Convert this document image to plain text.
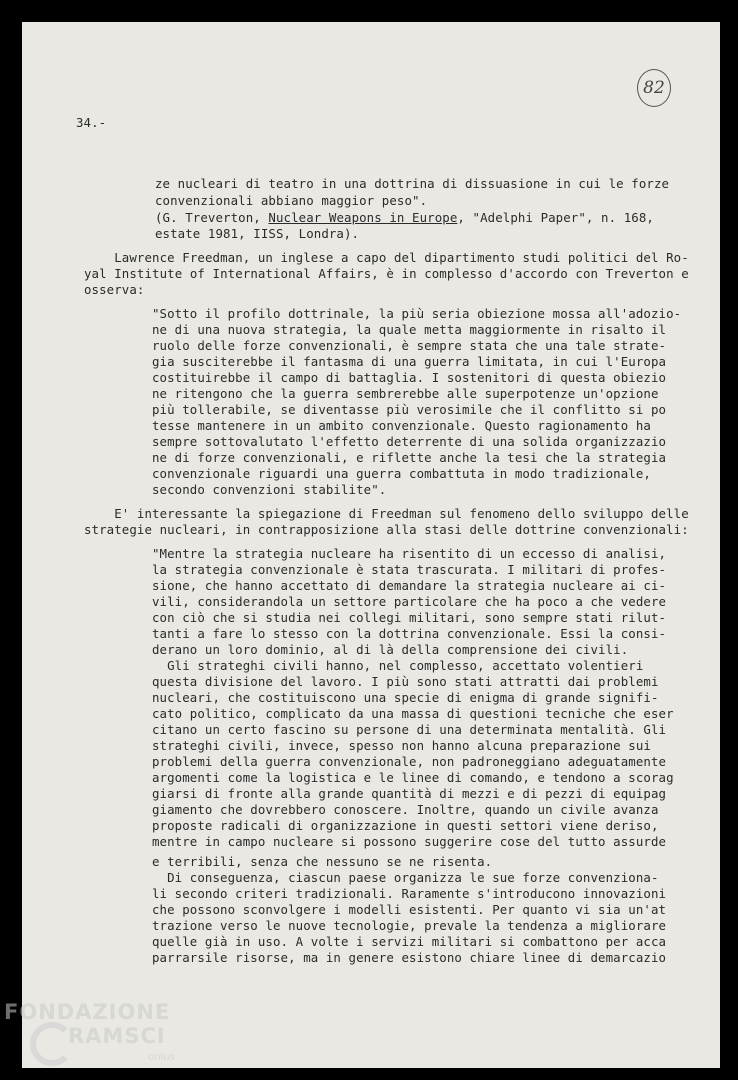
82
34.-
ze nucleari di teatro in una dottrina di dissuasione in cui le forze
convenzionali abbiano maggior peso".
(G. Treverton, Nuclear Weapons in Europe, "Adelphi Paper", n. 168,
estate 1981, IISS, Londra).
Lawrence Freedman, un inglese a capo del dipartimento studi politici del Ro-
yal Institute of International Affairs, è in complesso d'accordo con Treverton e
osserva:
"Sotto il profilo dottrinale, la più seria obiezione mossa all'adozio-
ne di una nuova strategia, la quale metta maggiormente in risalto il
ruolo delle forze convenzionali, è sempre stata che una tale strate-
gia susciterebbe il fantasma di una guerra limitata, in cui l'Europa
costituirebbe il campo di battaglia. I sostenitori di questa obiezio
ne ritengono che la guerra sembrerebbe alle superpotenze un'opzione
più tollerabile, se diventasse più verosimile che il conflitto si po
tesse mantenere in un ambito convenzionale. Questo ragionamento ha
sempre sottovalutato l'effetto deterrente di una solida organizzazio
ne di forze convenzionali, e riflette anche la tesi che la strategia
convenzionale riguardi una guerra combattuta in modo tradizionale,
secondo convenzioni stabilite".
E' interessante la spiegazione di Freedman sul fenomeno dello sviluppo delle
strategie nucleari, in contrapposizione alla stasi delle dottrine convenzionali:
"Mentre la strategia nucleare ha risentito di un eccesso di analisi,
la strategia convenzionale è stata trascurata. I militari di profes-
sione, che hanno accettato di demandare la strategia nucleare ai ci-
vili, considerandola un settore particolare che ha poco a che vedere
con ciò che si studia nei collegi militari, sono sempre stati rilut-
tanti a fare lo stesso con la dottrina convenzionale. Essi la consi-
derano un loro dominio, al di là della comprensione dei civili.
Gli strateghi civili hanno, nel complesso, accettato volentieri
questa divisione del lavoro. I più sono stati attratti dai problemi
nucleari, che costituiscono una specie di enigma di grande signifi-
cato politico, complicato da una massa di questioni tecniche che eser
citano un certo fascino su persone di una determinata mentalità. Gli
strateghi civili, invece, spesso non hanno alcuna preparazione sui
problemi della guerra convenzionale, non padroneggiano adeguatamente
argomenti come la logistica e le linee di comando, e tendono a scorag
giarsi di fronte alla grande quantità di mezzi e di pezzi di equipag
giamento che dovrebbero conoscere. Inoltre, quando un civile avanza
proposte radicali di organizzazione in questi settori viene deriso,
mentre in campo nucleare si possono suggerire cose del tutto assurde
e terribili, senza che nessuno se ne risenta.
Di conseguenza, ciascun paese organizza le sue forze convenziona-
li secondo criteri tradizionali. Raramente s'introducono innovazioni
che possono sconvolgere i modelli esistenti. Per quanto vi sia un'at
trazione verso le nuove tecnologie, prevale la tendenza a migliorare
quelle già in uso. A volte i servizi militari si combattono per acca
parrarsile risorse, ma in genere esistono chiare linee di demarcazio
FONDAZIONE
RAMSCI
onlus
